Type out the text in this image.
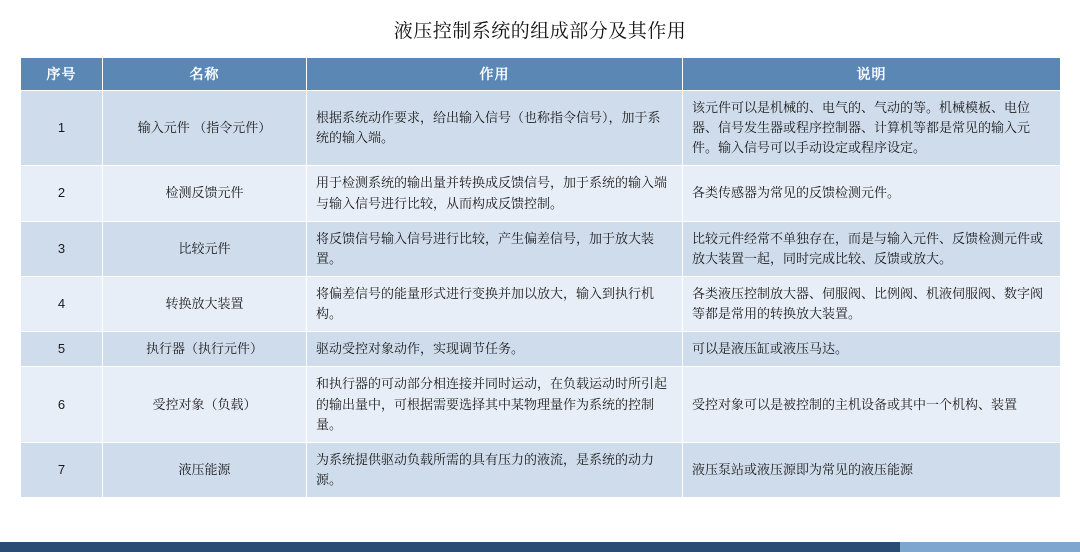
液压控制系统的组成部分及其作用
序号	名称	作用	说明
1	输入元件 （指令元件）	根据系统动作要求，给出输入信号（也称指令信号），加于系统的输入端。	该元件可以是机械的、电气的、气动的等。机械模板、电位器、信号发生器或程序控制器、计算机等都是常见的输入元件。输入信号可以手动设定或程序设定。
2	检测反馈元件	用于检测系统的输出量并转换成反馈信号，加于系统的输入端与输入信号进行比较，从而构成反馈控制。	各类传感器为常见的反馈检测元件。
3	比较元件	将反馈信号输入信号进行比较，产生偏差信号，加于放大装置。	比较元件经常不单独存在，而是与输入元件、反馈检测元件或放大装置一起，同时完成比较、反馈或放大。
4	转换放大装置	将偏差信号的能量形式进行变换并加以放大，输入到执行机构。	各类液压控制放大器、伺服阀、比例阀、机液伺服阀、数字阀等都是常用的转换放大装置。
5	执行器（执行元件）	驱动受控对象动作，实现调节任务。	可以是液压缸或液压马达。
6	受控对象（负载）	和执行器的可动部分相连接并同时运动，在负载运动时所引起的输出量中，可根据需要选择其中某物理量作为系统的控制量。	受控对象可以是被控制的主机设备或其中一个机构、装置
7	液压能源	为系统提供驱动负载所需的具有压力的液流，是系统的动力源。	液压泵站或液压源即为常见的液压能源
